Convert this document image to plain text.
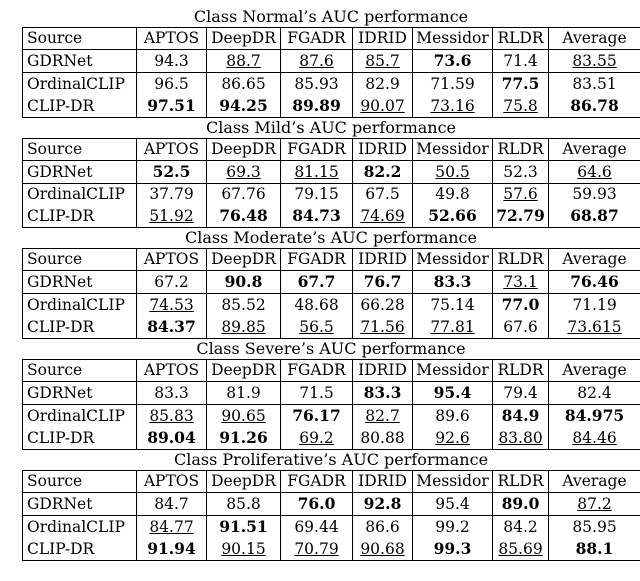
Class Normal’s AUC performance
Source	APTOS	DeepDR	FGADR	IDRID	Messidor	RLDR	Average
GDRNet	94.3	88.7	87.6	85.7	73.6	71.4	83.55
OrdinalCLIP	96.5	86.65	85.93	82.9	71.59	77.5	83.51
CLIP-DR	97.51	94.25	89.89	90.07	73.16	75.8	86.78
Class Mild’s AUC performance
Source	APTOS	DeepDR	FGADR	IDRID	Messidor	RLDR	Average
GDRNet	52.5	69.3	81.15	82.2	50.5	52.3	64.6
OrdinalCLIP	37.79	67.76	79.15	67.5	49.8	57.6	59.93
CLIP-DR	51.92	76.48	84.73	74.69	52.66	72.79	68.87
Class Moderate’s AUC performance
Source	APTOS	DeepDR	FGADR	IDRID	Messidor	RLDR	Average
GDRNet	67.2	90.8	67.7	76.7	83.3	73.1	76.46
OrdinalCLIP	74.53	85.52	48.68	66.28	75.14	77.0	71.19
CLIP-DR	84.37	89.85	56.5	71.56	77.81	67.6	73.615
Class Severe’s AUC performance
Source	APTOS	DeepDR	FGADR	IDRID	Messidor	RLDR	Average
GDRNet	83.3	81.9	71.5	83.3	95.4	79.4	82.4
OrdinalCLIP	85.83	90.65	76.17	82.7	89.6	84.9	84.975
CLIP-DR	89.04	91.26	69.2	80.88	92.6	83.80	84.46
Class Proliferative’s AUC performance
Source	APTOS	DeepDR	FGADR	IDRID	Messidor	RLDR	Average
GDRNet	84.7	85.8	76.0	92.8	95.4	89.0	87.2
OrdinalCLIP	84.77	91.51	69.44	86.6	99.2	84.2	85.95
CLIP-DR	91.94	90.15	70.79	90.68	99.3	85.69	88.1
